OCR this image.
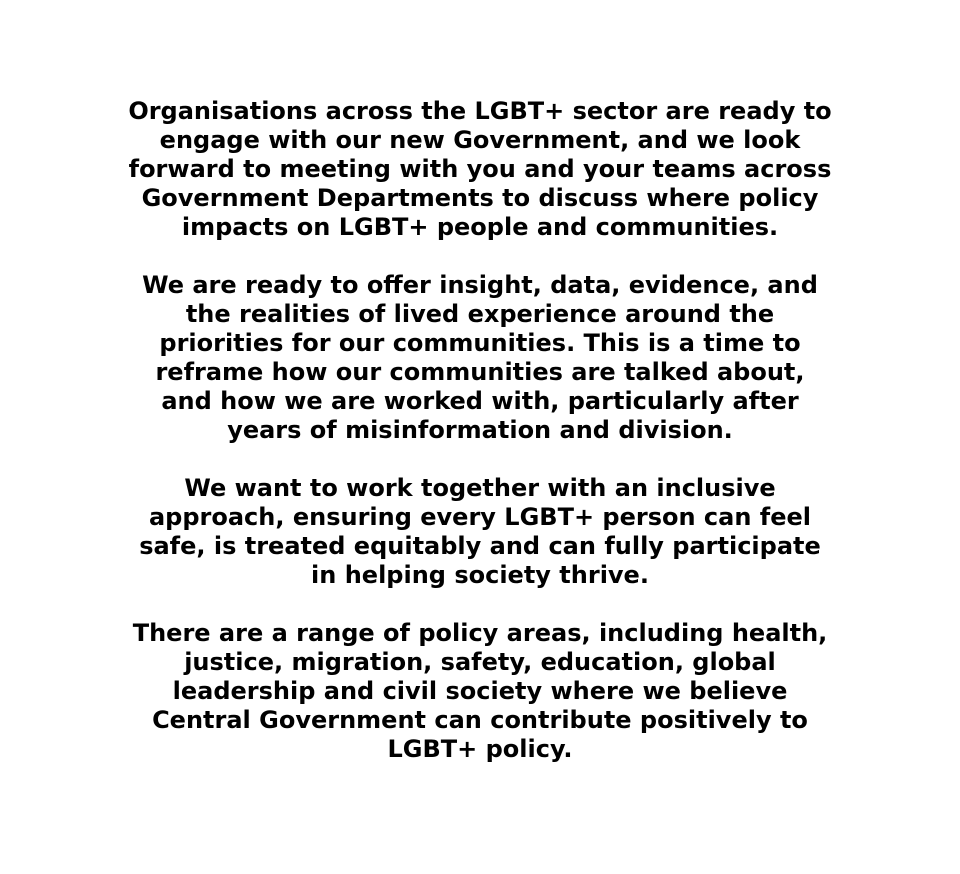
Organisations across the LGBT+ sector are ready to
engage with our new Government, and we look
forward to meeting with you and your teams across
Government Departments to discuss where policy
impacts on LGBT+ people and communities.

We are ready to offer insight, data, evidence, and
the realities of lived experience around the
priorities for our communities. This is a time to
reframe how our communities are talked about,
and how we are worked with, particularly after
years of misinformation and division.

We want to work together with an inclusive
approach, ensuring every LGBT+ person can feel
safe, is treated equitably and can fully participate
in helping society thrive.

There are a range of policy areas, including health,
justice, migration, safety, education, global
leadership and civil society where we believe
Central Government can contribute positively to
LGBT+ policy.
